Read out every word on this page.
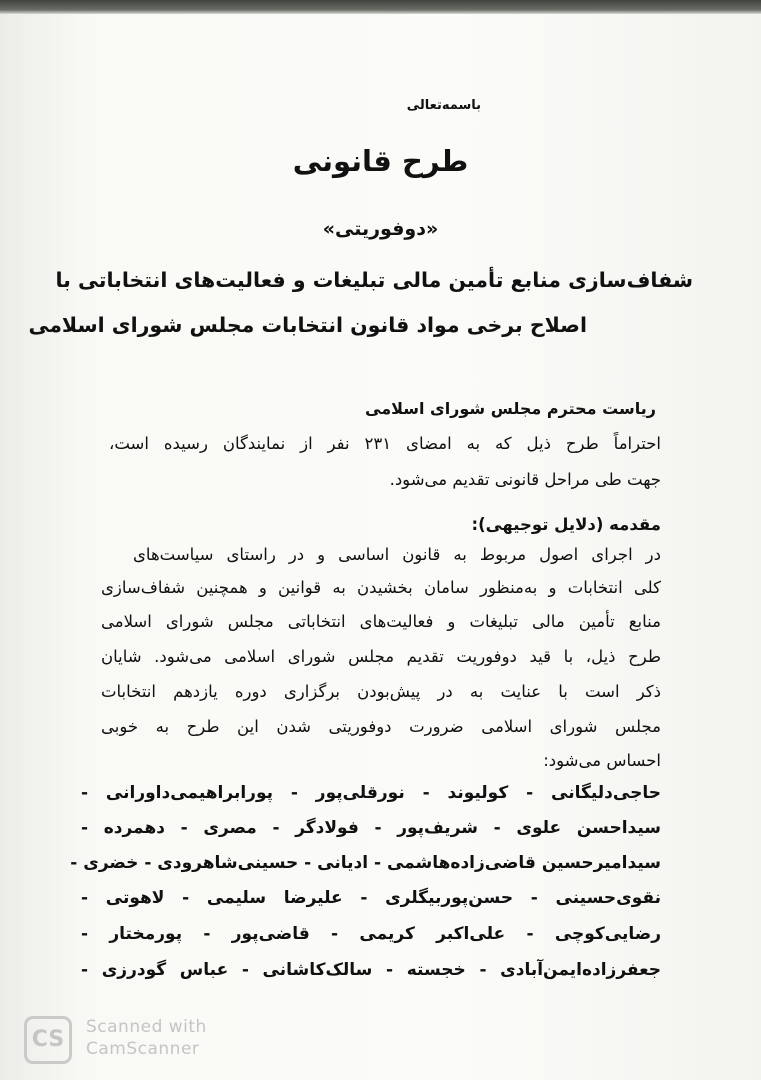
باسمه‌تعالی
طرح قانونی
«دوفوریتی»
شفاف‌سازی منابع تأمین مالی تبلیغات و فعالیت‌های انتخاباتی با
اصلاح برخی مواد قانون انتخابات مجلس شورای اسلامی
ریاست محترم مجلس شورای اسلامی
احتراماً طرح ذیل که به امضای ۲۳۱ نفر از نمایندگان رسیده است،
جهت طی مراحل قانونی تقدیم می‌شود.
مقدمه (دلایل توجیهی):
در اجرای اصول مربوط به قانون اساسی و در راستای سیاست‌های
کلی انتخابات و به‌منظور سامان بخشیدن به قوانین و همچنین شفاف‌سازی
منابع تأمین مالی تبلیغات و فعالیت‌های انتخاباتی مجلس شورای اسلامی
طرح ذیل، با قید دوفوریت تقدیم مجلس شورای اسلامی می‌شود. شایان
ذکر است با عنایت به در پیش‌بودن برگزاری دوره یازدهم انتخابات
مجلس شورای اسلامی ضرورت دوفوریتی شدن این طرح به خوبی
احساس می‌شود:
حاجی‌دلیگانی - کولیوند - نورقلی‌پور - پورابراهیمی‌داورانی -
سیداحسن علوی - شریف‌پور - فولادگر - مصری - دهمرده -
سیدامیرحسین قاضی‌زاده‌هاشمی - ادیانی - حسینی‌شاهرودی - خضری -
نقوی‌حسینی - حسن‌پوربیگلری - علیرضا سلیمی - لاهوتی -
رضایی‌کوچی - علی‌اکبر کریمی - قاضی‌پور - پورمختار -
جعفرزاده‌ایمن‌آبادی - خجسته - سالک‌کاشانی - عباس گودرزی -
CS	Scanned with
CamScanner
